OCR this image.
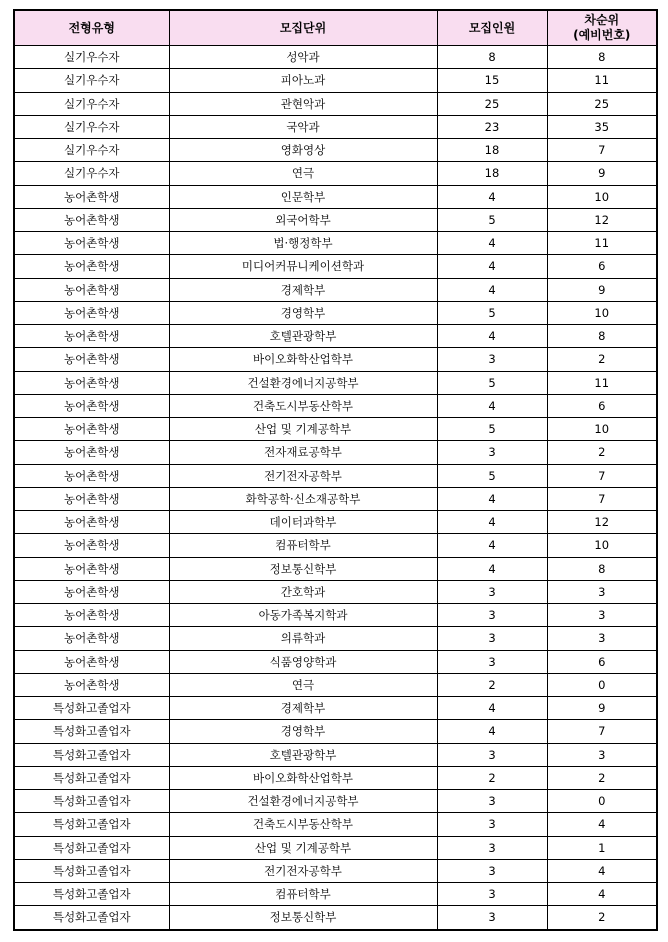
전형유형	모집단위	모집인원	차순위
(예비번호)
실기우수자	성악과	8	8
실기우수자	피아노과	15	11
실기우수자	관현악과	25	25
실기우수자	국악과	23	35
실기우수자	영화영상	18	7
실기우수자	연극	18	9
농어촌학생	인문학부	4	10
농어촌학생	외국어학부	5	12
농어촌학생	법·행정학부	4	11
농어촌학생	미디어커뮤니케이션학과	4	6
농어촌학생	경제학부	4	9
농어촌학생	경영학부	5	10
농어촌학생	호텔관광학부	4	8
농어촌학생	바이오화학산업학부	3	2
농어촌학생	건설환경에너지공학부	5	11
농어촌학생	건축도시부동산학부	4	6
농어촌학생	산업 및 기계공학부	5	10
농어촌학생	전자재료공학부	3	2
농어촌학생	전기전자공학부	5	7
농어촌학생	화학공학·신소재공학부	4	7
농어촌학생	데이터과학부	4	12
농어촌학생	컴퓨터학부	4	10
농어촌학생	정보통신학부	4	8
농어촌학생	간호학과	3	3
농어촌학생	아동가족복지학과	3	3
농어촌학생	의류학과	3	3
농어촌학생	식품영양학과	3	6
농어촌학생	연극	2	0
특성화고졸업자	경제학부	4	9
특성화고졸업자	경영학부	4	7
특성화고졸업자	호텔관광학부	3	3
특성화고졸업자	바이오화학산업학부	2	2
특성화고졸업자	건설환경에너지공학부	3	0
특성화고졸업자	건축도시부동산학부	3	4
특성화고졸업자	산업 및 기계공학부	3	1
특성화고졸업자	전기전자공학부	3	4
특성화고졸업자	컴퓨터학부	3	4
특성화고졸업자	정보통신학부	3	2
